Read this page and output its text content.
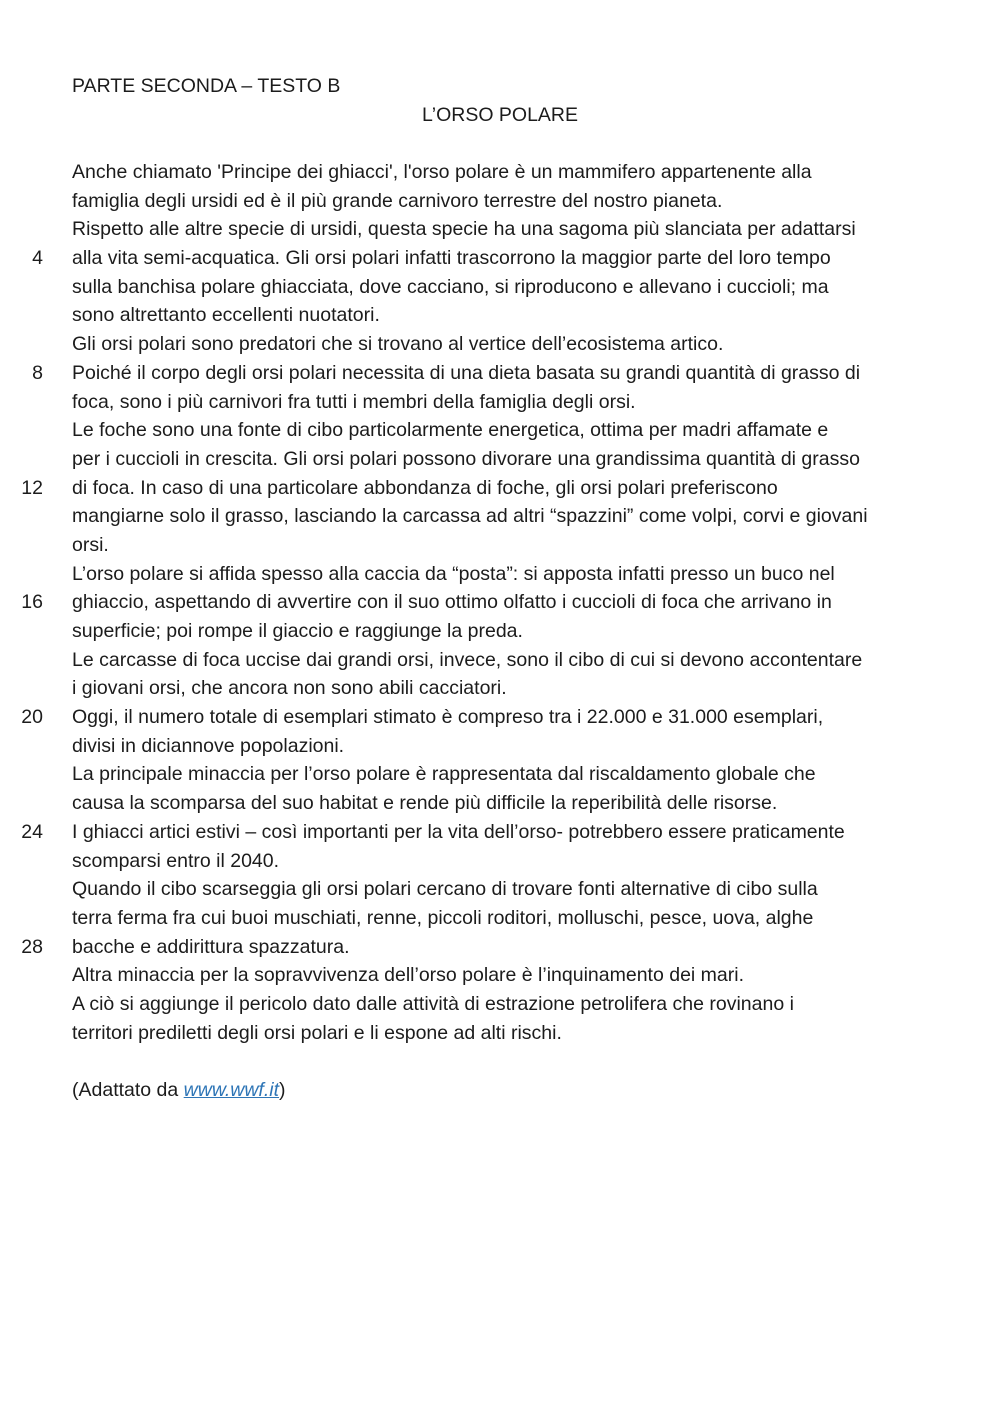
PARTE SECONDA – TESTO B
L’ORSO POLARE
Anche chiamato 'Principe dei ghiacci', l'orso polare è un mammifero appartenente alla
famiglia degli ursidi ed è il più grande carnivoro terrestre del nostro pianeta.
Rispetto alle altre specie di ursidi, questa specie ha una sagoma più slanciata per adattarsi
4 alla vita semi-acquatica. Gli orsi polari infatti trascorrono la maggior parte del loro tempo
sulla banchisa polare ghiacciata, dove cacciano, si riproducono e allevano i cuccioli; ma
sono altrettanto eccellenti nuotatori.
Gli orsi polari sono predatori che si trovano al vertice dell’ecosistema artico.
8 Poiché il corpo degli orsi polari necessita di una dieta basata su grandi quantità di grasso di
foca, sono i più carnivori fra tutti i membri della famiglia degli orsi.
Le foche sono una fonte di cibo particolarmente energetica, ottima per madri affamate e
per i cuccioli in crescita. Gli orsi polari possono divorare una grandissima quantità di grasso
12 di foca. In caso di una particolare abbondanza di foche, gli orsi polari preferiscono
mangiarne solo il grasso, lasciando la carcassa ad altri “spazzini” come volpi, corvi e giovani
orsi.
L’orso polare si affida spesso alla caccia da “posta”: si apposta infatti presso un buco nel
16 ghiaccio, aspettando di avvertire con il suo ottimo olfatto i cuccioli di foca che arrivano in
superficie; poi rompe il giaccio e raggiunge la preda.
Le carcasse di foca uccise dai grandi orsi, invece, sono il cibo di cui si devono accontentare
i giovani orsi, che ancora non sono abili cacciatori.
20 Oggi, il numero totale di esemplari stimato è compreso tra i 22.000 e 31.000 esemplari,
divisi in diciannove popolazioni.
La principale minaccia per l’orso polare è rappresentata dal riscaldamento globale che
causa la scomparsa del suo habitat e rende più difficile la reperibilità delle risorse.
24 I ghiacci artici estivi – così importanti per la vita dell’orso- potrebbero essere praticamente
scomparsi entro il 2040.
Quando il cibo scarseggia gli orsi polari cercano di trovare fonti alternative di cibo sulla
terra ferma fra cui buoi muschiati, renne, piccoli roditori, molluschi, pesce, uova, alghe
28 bacche e addirittura spazzatura.
Altra minaccia per la sopravvivenza dell’orso polare è l’inquinamento dei mari.
A ciò si aggiunge il pericolo dato dalle attività di estrazione petrolifera che rovinano i
territori prediletti degli orsi polari e li espone ad alti rischi.
(Adattato da www.wwf.it)
